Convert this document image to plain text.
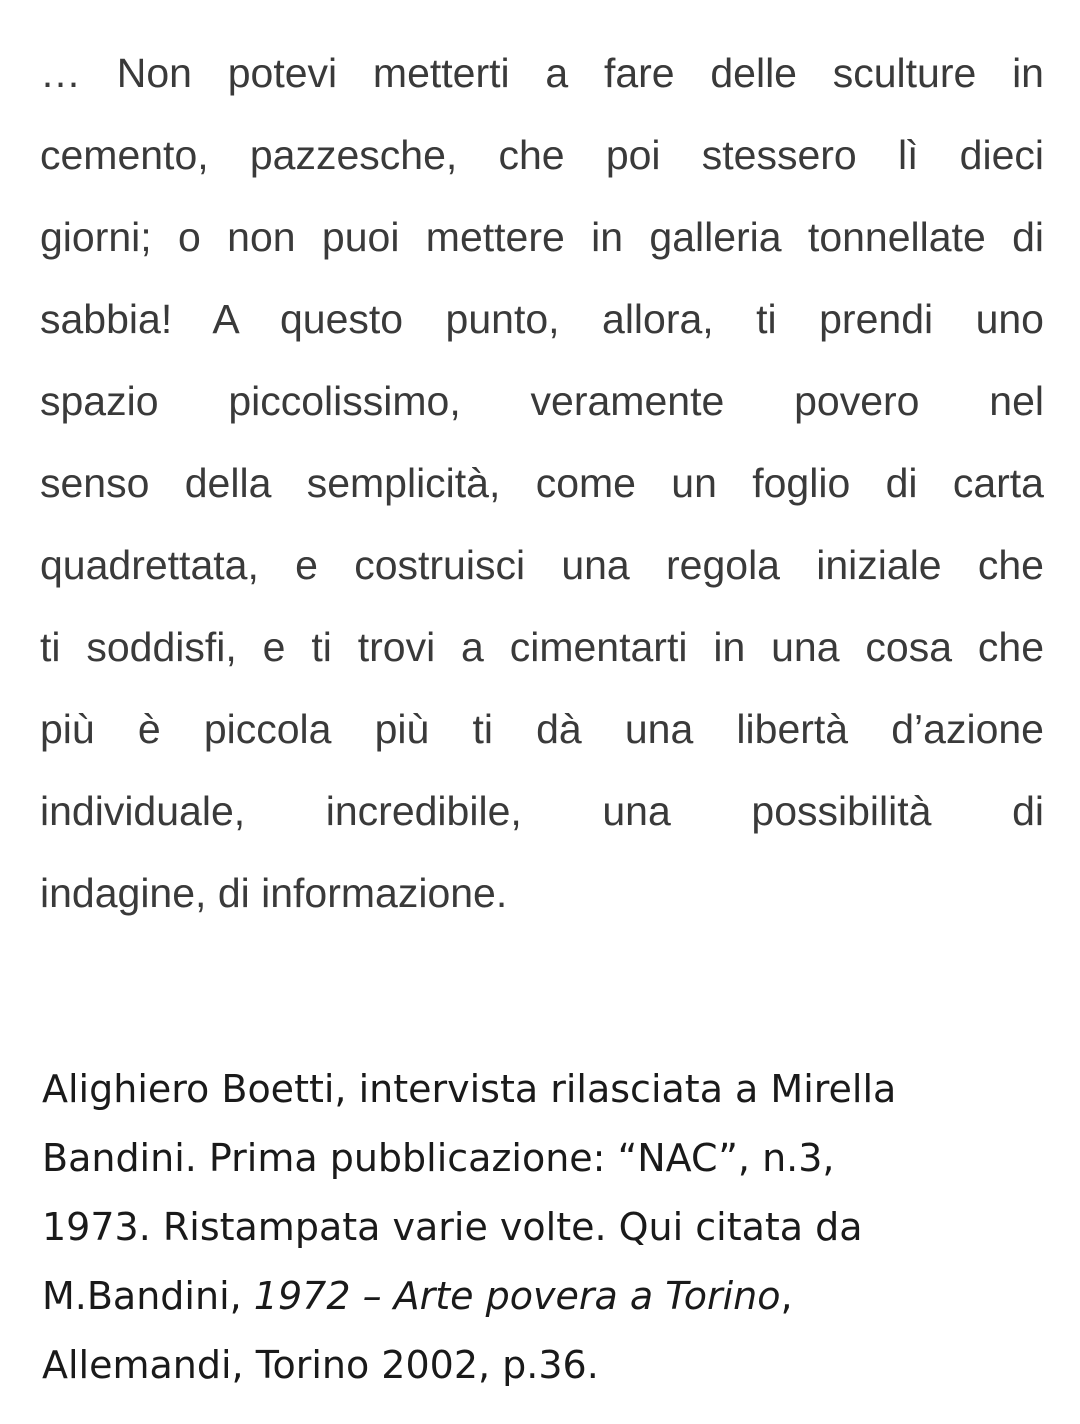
… Non potevi metterti a fare delle sculture in
cemento, pazzesche, che poi stessero lì dieci
giorni; o non puoi mettere in galleria tonnellate di
sabbia! A questo punto, allora, ti prendi uno
spazio piccolissimo, veramente povero nel
senso della semplicità, come un foglio di carta
quadrettata, e costruisci una regola iniziale che
ti soddisfi, e ti trovi a cimentarti in una cosa che
più è piccola più ti dà una libertà d’azione
individuale, incredibile, una possibilità di
indagine, di informazione.
Alighiero Boetti, intervista rilasciata a Mirella
Bandini. Prima pubblicazione: “NAC”, n.3,
1973. Ristampata varie volte. Qui citata da
M.Bandini, 1972 – Arte povera a Torino,
Allemandi, Torino 2002, p.36.
